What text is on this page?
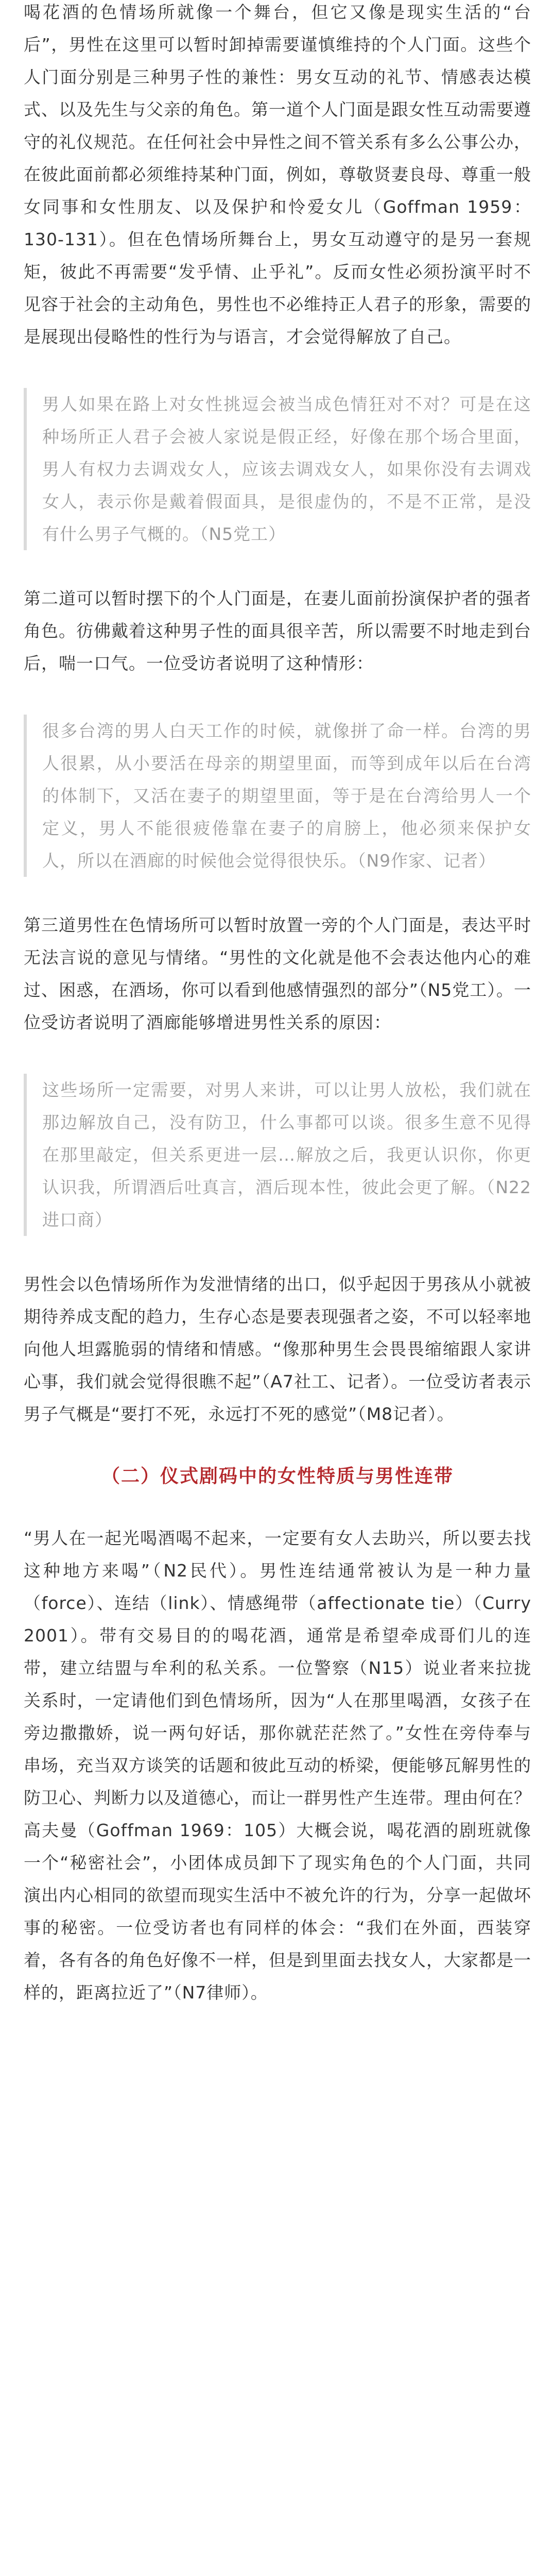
喝花酒的色情场所就像一个舞台，但它又像是现实生活的“台后”，男性在这里可以暂时卸掉需要谨慎维持的个人门面。这些个人门面分别是三种男子性的兼性：男女互动的礼节、情感表达模式、以及先生与父亲的角色。第一道个人门面是跟女性互动需要遵守的礼仪规范。在任何社会中异性之间不管关系有多么公事公办，在彼此面前都必须维持某种门面，例如，尊敬贤妻良母、尊重一般女同事和女性朋友、以及保护和怜爱女儿（Goffman 1959：130-131）。但在色情场所舞台上，男女互动遵守的是另一套规矩，彼此不再需要“发乎情、止乎礼”。反而女性必须扮演平时不见容于社会的主动角色，男性也不必维持正人君子的形象，需要的是展现出侵略性的性行为与语言，才会觉得解放了自己。

男人如果在路上对女性挑逗会被当成色情狂对不对？可是在这种场所正人君子会被人家说是假正经，好像在那个场合里面，男人有权力去调戏女人，应该去调戏女人，如果你没有去调戏女人，表示你是戴着假面具，是很虚伪的，不是不正常，是没有什么男子气概的。（N5党工）

第二道可以暂时摆下的个人门面是，在妻儿面前扮演保护者的强者角色。彷佛戴着这种男子性的面具很辛苦，所以需要不时地走到台后，喘一口气。一位受访者说明了这种情形：

很多台湾的男人白天工作的时候，就像拼了命一样。台湾的男人很累，从小要活在母亲的期望里面，而等到成年以后在台湾的体制下，又活在妻子的期望里面，等于是在台湾给男人一个定义，男人不能很疲倦靠在妻子的肩膀上，他必须来保护女人，所以在酒廊的时候他会觉得很快乐。（N9作家、记者）

第三道男性在色情场所可以暂时放置一旁的个人门面是，表达平时无法言说的意见与情绪。“男性的文化就是他不会表达他内心的难过、困惑，在酒场，你可以看到他感情强烈的部分”（N5党工）。一位受访者说明了酒廊能够增进男性关系的原因：

这些场所一定需要，对男人来讲，可以让男人放松，我们就在那边解放自己，没有防卫，什么事都可以谈。很多生意不见得在那里敲定，但关系更进一层…解放之后，我更认识你，你更认识我，所谓酒后吐真言，酒后现本性，彼此会更了解。（N22进口商）

男性会以色情场所作为发泄情绪的出口，似乎起因于男孩从小就被期待养成支配的趋力，生存心态是要表现强者之姿，不可以轻率地向他人坦露脆弱的情绪和情感。“像那种男生会畏畏缩缩跟人家讲心事，我们就会觉得很瞧不起”（A7社工、记者）。一位受访者表示男子气概是“要打不死，永远打不死的感觉”（M8记者）。

（二）仪式剧码中的女性特质与男性连带

“男人在一起光喝酒喝不起来，一定要有女人去助兴，所以要去找这种地方来喝”（N2民代）。男性连结通常被认为是一种力量（force）、连结（link）、情感绳带（affectionate tie）（Curry 2001）。带有交易目的的喝花酒，通常是希望牵成哥们儿的连带，建立结盟与牟利的私关系。一位警察（N15）说业者来拉拢关系时，一定请他们到色情场所，因为“人在那里喝酒，女孩子在旁边撒撒娇，说一两句好话，那你就茫茫然了。”女性在旁侍奉与串场，充当双方谈笑的话题和彼此互动的桥梁，便能够瓦解男性的防卫心、判断力以及道德心，而让一群男性产生连带。理由何在？高夫曼（Goffman 1969：105）大概会说，喝花酒的剧班就像一个“秘密社会”，小团体成员卸下了现实角色的个人门面，共同演出内心相同的欲望而现实生活中不被允许的行为，分享一起做坏事的秘密。一位受访者也有同样的体会：“我们在外面，西装穿着，各有各的角色好像不一样，但是到里面去找女人，大家都是一样的，距离拉近了”（N7律师）。
